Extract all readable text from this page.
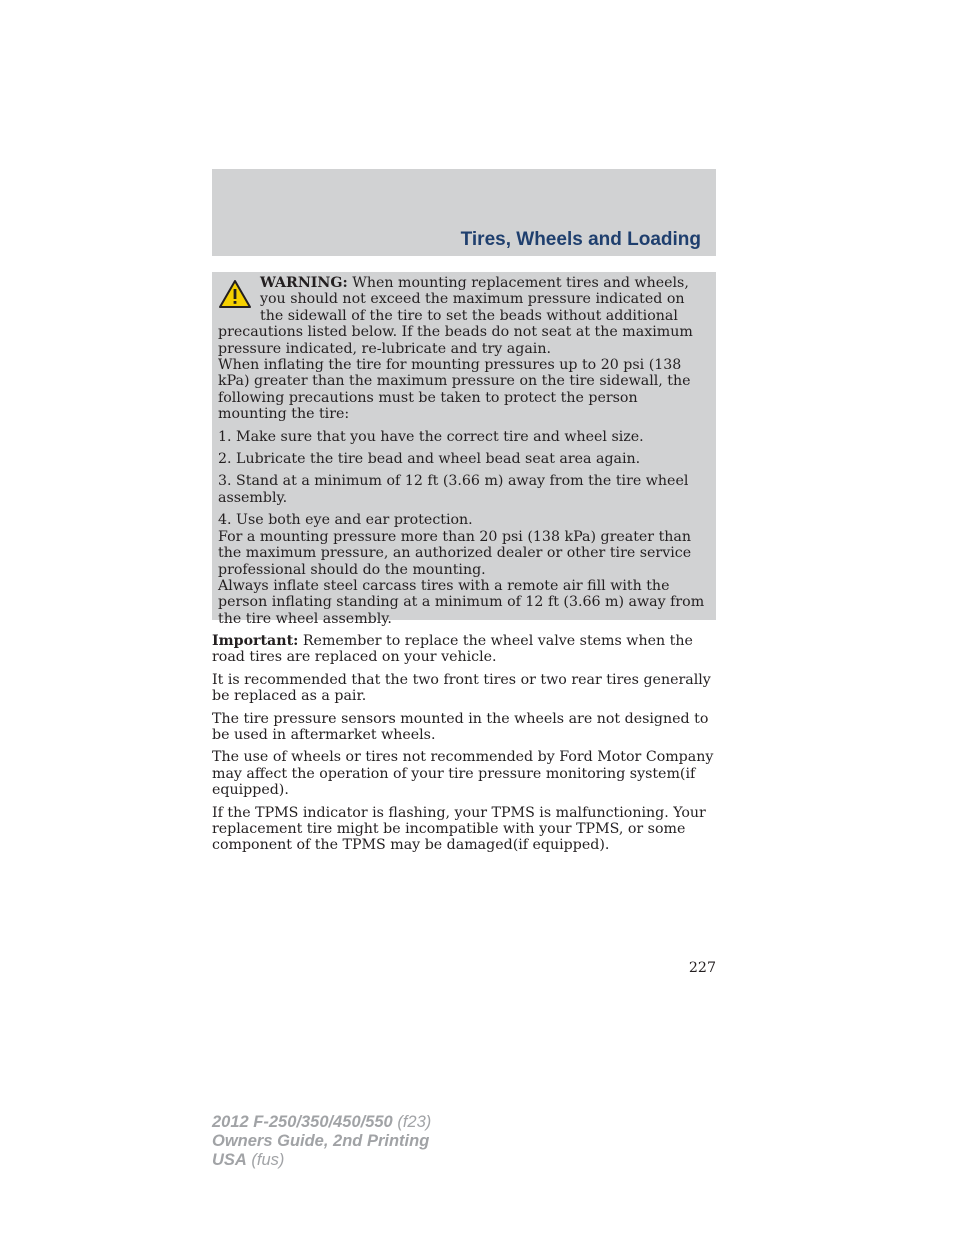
Tires, Wheels and Loading

WARNING: When mounting replacement tires and wheels, you should not exceed the maximum pressure indicated on the sidewall of the tire to set the beads without additional precautions listed below. If the beads do not seat at the maximum pressure indicated, re-lubricate and try again.

When inflating the tire for mounting pressures up to 20 psi (138 kPa) greater than the maximum pressure on the tire sidewall, the following precautions must be taken to protect the person mounting the tire:

1. Make sure that you have the correct tire and wheel size.

2. Lubricate the tire bead and wheel bead seat area again.

3. Stand at a minimum of 12 ft (3.66 m) away from the tire wheel assembly.

4. Use both eye and ear protection.

For a mounting pressure more than 20 psi (138 kPa) greater than the maximum pressure, an authorized dealer or other tire service professional should do the mounting.

Always inflate steel carcass tires with a remote air fill with the person inflating standing at a minimum of 12 ft (3.66 m) away from the tire wheel assembly.

Important: Remember to replace the wheel valve stems when the road tires are replaced on your vehicle.

It is recommended that the two front tires or two rear tires generally be replaced as a pair.

The tire pressure sensors mounted in the wheels are not designed to be used in aftermarket wheels.

The use of wheels or tires not recommended by Ford Motor Company may affect the operation of your tire pressure monitoring system(if equipped).

If the TPMS indicator is flashing, your TPMS is malfunctioning. Your replacement tire might be incompatible with your TPMS, or some component of the TPMS may be damaged(if equipped).

227
2012 F-250/350/450/550 (f23)
Owners Guide, 2nd Printing
USA (fus)
